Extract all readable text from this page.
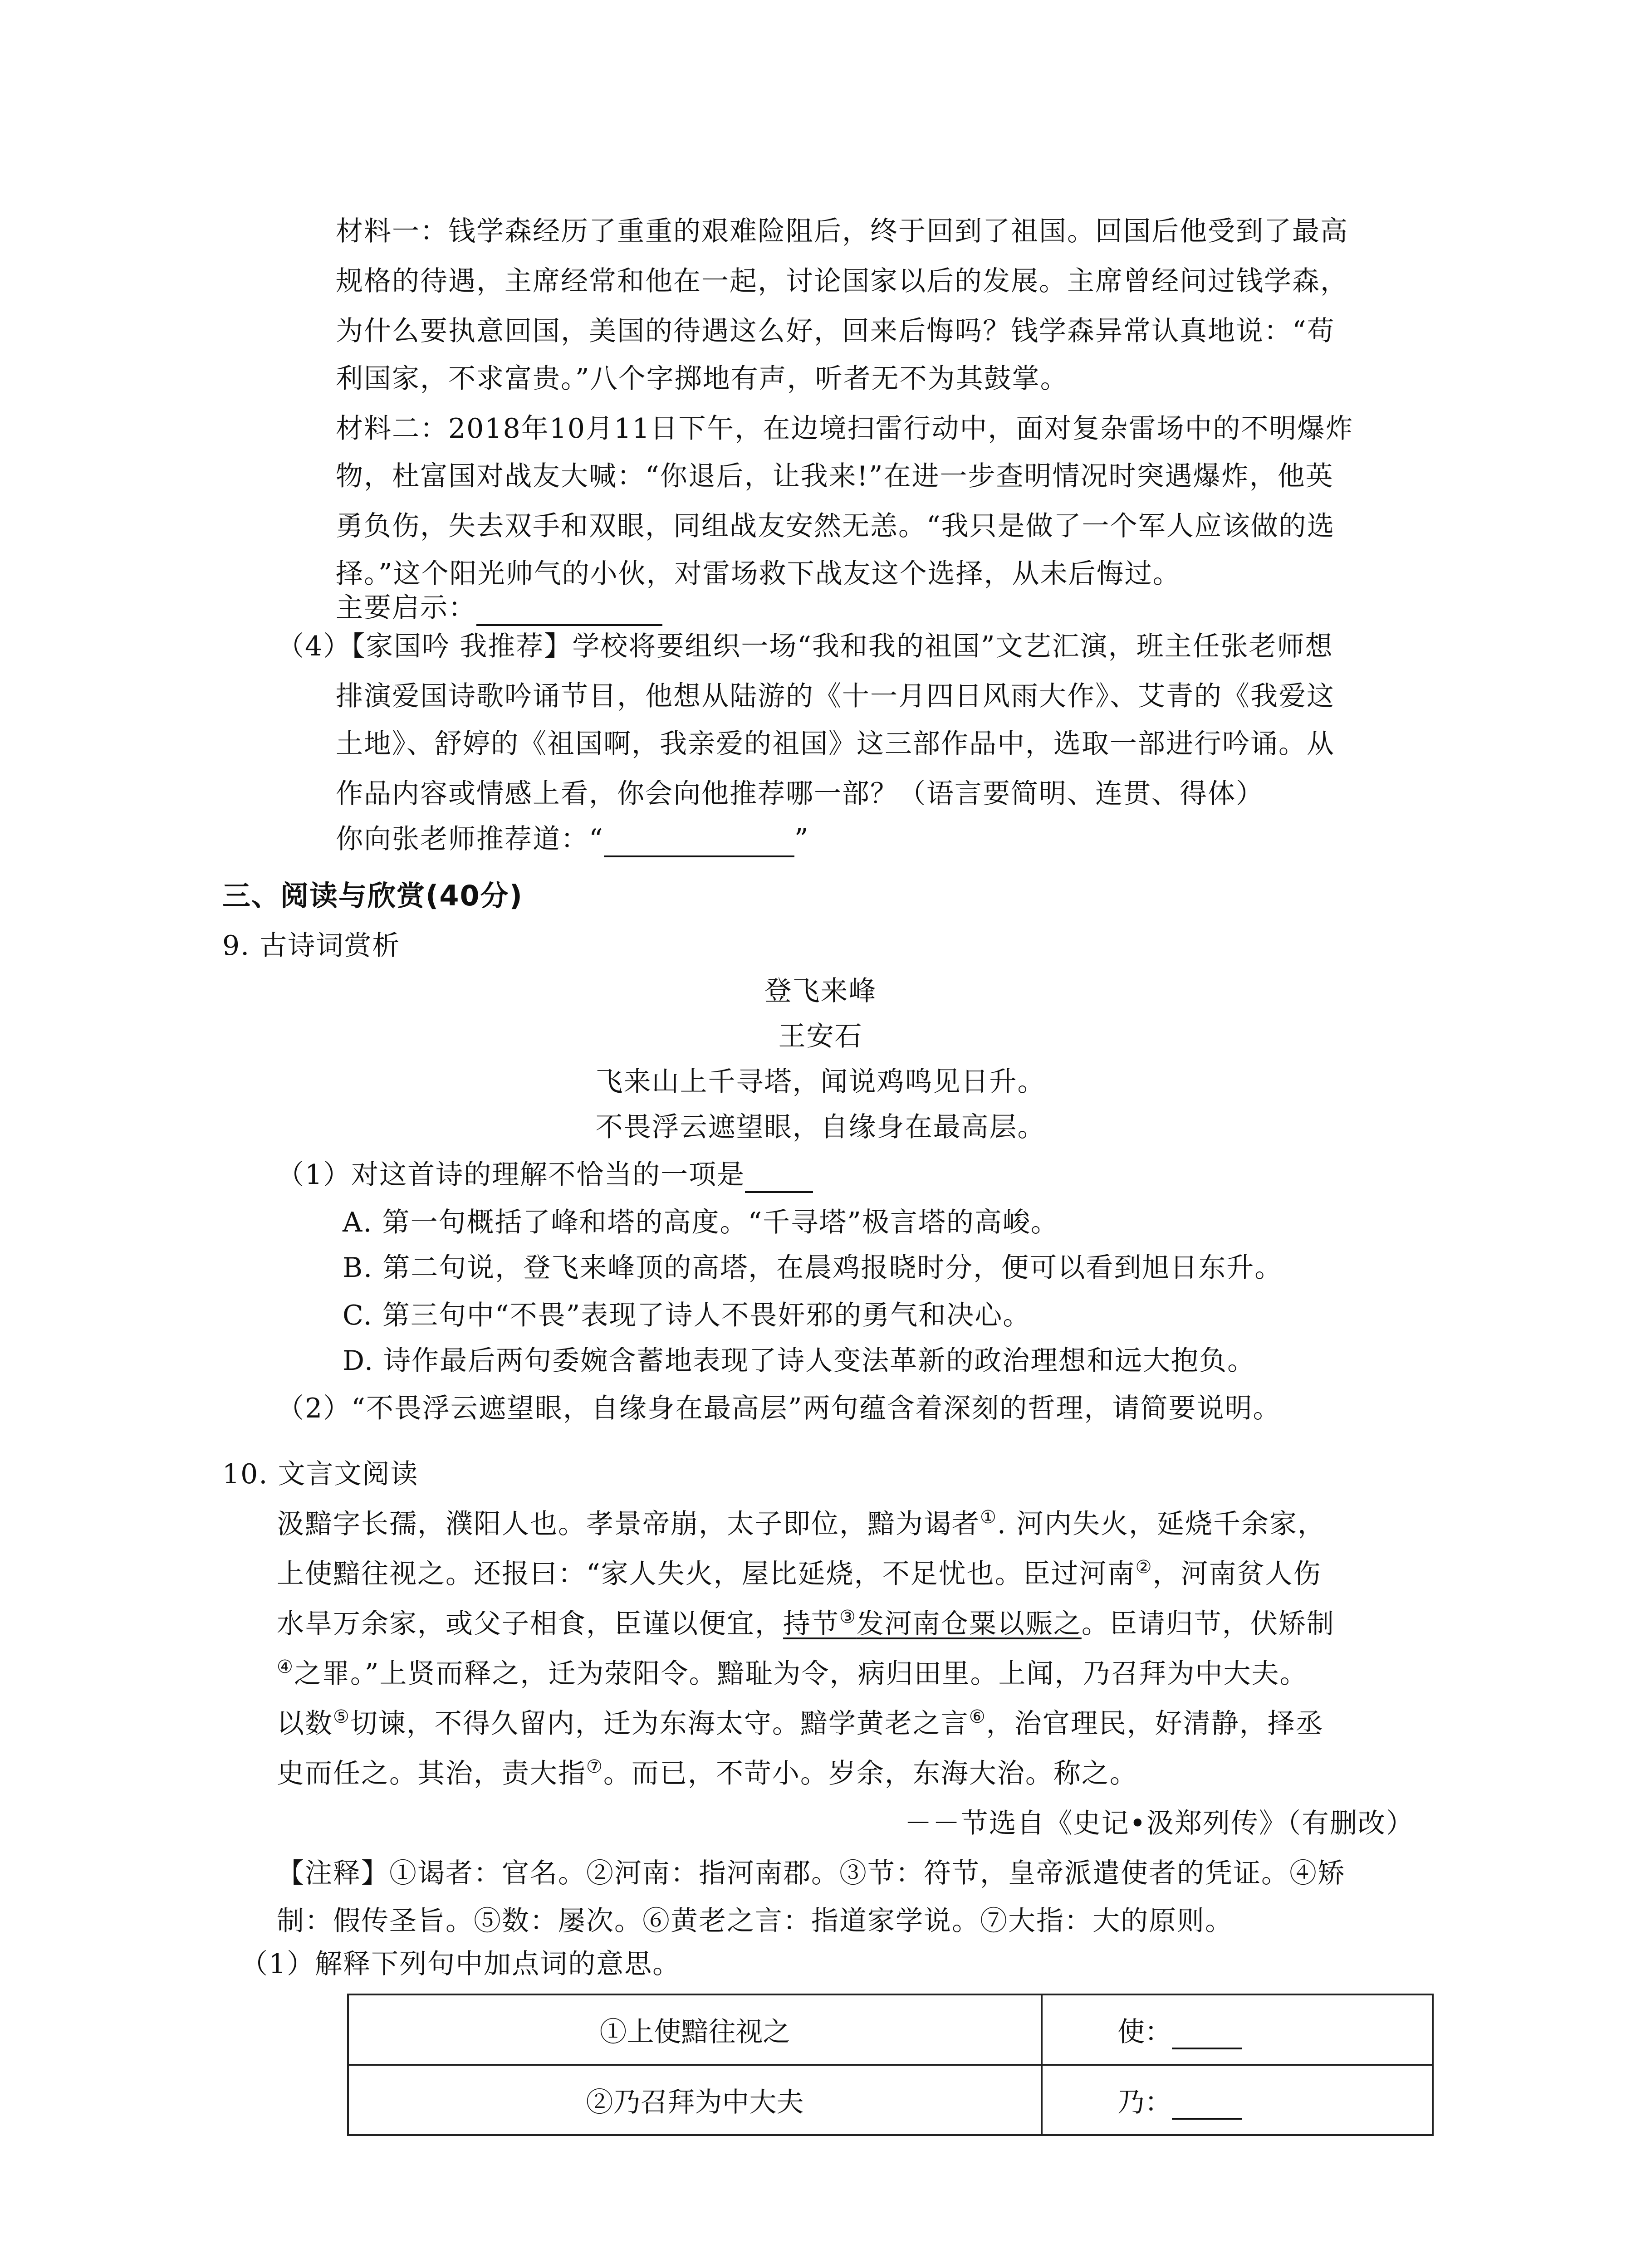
材料一：钱学森经历了重重的艰难险阻后，终于回到了祖国。回国后他受到了最高
规格的待遇，主席经常和他在一起，讨论国家以后的发展。主席曾经问过钱学森，
为什么要执意回国，美国的待遇这么好，回来后悔吗？钱学森异常认真地说：“苟
利国家，不求富贵。”八个字掷地有声，听者无不为其鼓掌。
材料二：2018年10月11日下午，在边境扫雷行动中，面对复杂雷场中的不明爆炸
物，杜富国对战友大喊：“你退后，让我来!”在进一步查明情况时突遇爆炸，他英
勇负伤，失去双手和双眼，同组战友安然无恙。“我只是做了一个军人应该做的选
择。”这个阳光帅气的小伙，对雷场救下战友这个选择，从未后悔过。
主要启示：
（4）【家国吟 我推荐】学校将要组织一场“我和我的祖国”文艺汇演，班主任张老师想
排演爱国诗歌吟诵节目，他想从陆游的《十一月四日风雨大作》、艾青的《我爱这
土地》、舒婷的《祖国啊，我亲爱的祖国》这三部作品中，选取一部进行吟诵。从
作品内容或情感上看，你会向他推荐哪一部？（语言要简明、连贯、得体）
你向张老师推荐道：“	”
三、阅读与欣赏(40分)
9. 古诗词赏析
登飞来峰
王安石
飞来山上千寻塔，闻说鸡鸣见日升。
不畏浮云遮望眼，自缘身在最高层。
（1）对这首诗的理解不恰当的一项是
A. 第一句概括了峰和塔的高度。“千寻塔”极言塔的高峻。
B. 第二句说，登飞来峰顶的高塔，在晨鸡报晓时分，便可以看到旭日东升。
C. 第三句中“不畏”表现了诗人不畏奸邪的勇气和决心。
D. 诗作最后两句委婉含蓄地表现了诗人变法革新的政治理想和远大抱负。
（2）“不畏浮云遮望眼，自缘身在最高层”两句蕴含着深刻的哲理，请简要说明。
10. 文言文阅读
汲黯字长孺，濮阳人也。孝景帝崩，太子即位，黯为谒者①. 河内失火，延烧千余家，
上使黯往视之。还报曰：“家人失火，屋比延烧，不足忧也。臣过河南②，河南贫人伤
水旱万余家，或父子相食，臣谨以便宜，持节③发河南仓粟以赈之。臣请归节，伏矫制
④之罪。”上贤而释之，迁为荥阳令。黯耻为令，病归田里。上闻，乃召拜为中大夫。
以数⑤切谏，不得久留内，迁为东海太守。黯学黄老之言⑥，治官理民，好清静，择丞
史而任之。其治，责大指⑦。而已，不苛小。岁余，东海大治。称之。
－－节选自《史记•汲郑列传》（有删改）
【注释】①谒者：官名。②河南：指河南郡。③节：符节，皇帝派遣使者的凭证。④矫
制：假传圣旨。⑤数：屡次。⑥黄老之言：指道家学说。⑦大指：大的原则。
（1）解释下列句中加点词的意思。
①上使黯往视之	使：
②乃召拜为中大夫	乃：
